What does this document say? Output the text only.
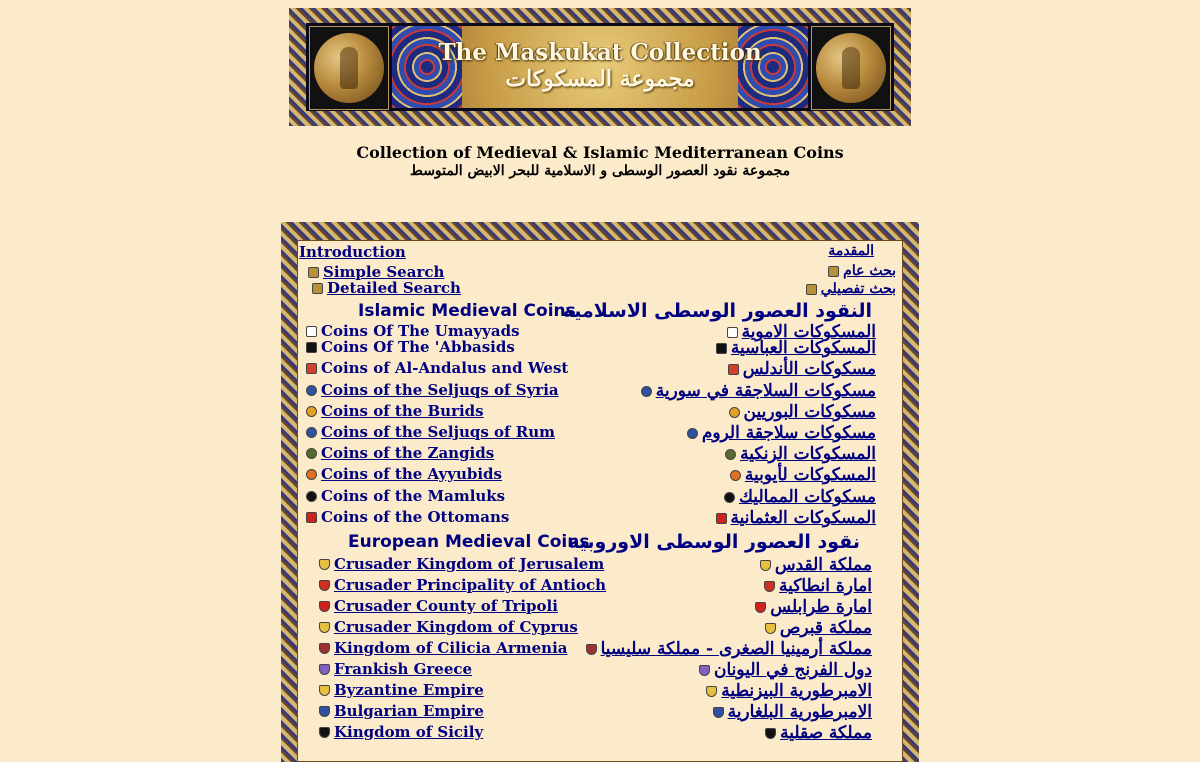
The Maskukat Collection
مجموعة المسكوكات
Collection of Medieval & Islamic Mediterranean Coins
مجموعة نقود العصور الوسطى و الاسلامية للبحر الابيض المتوسط
Introduction	المقدمة
Simple Search	بحث عام
Detailed Search	بحث تفصيلي
Islamic Medieval Coins
النقود العصور الوسطى الاسلامية
European Medieval Coins
نقود العصور الوسطى الاوروبية
Coins Of The Umayyads	المسكوكات الاموية
Coins Of The 'Abbasids	المسكوكات العباسية
Coins of Al-Andalus and West	مسكوكات الأندلس
Coins of the Seljuqs of Syria	مسكوكات السلاجقة في سورية
Coins of the Burids	مسكوكات البوريين
Coins of the Seljuqs of Rum	مسكوكات سلاجقة الروم
Coins of the Zangids	المسكوكات الزنكية
Coins of the Ayyubids	المسكوكات لأيوبية
Coins of the Mamluks	مسكوكات المماليك
Coins of the Ottomans	المسكوكات العثمانية
Crusader Kingdom of Jerusalem	مملكة القدس
Crusader Principality of Antioch	امارة انطاكية
Crusader County of Tripoli	امارة طرابلس
Crusader Kingdom of Cyprus	مملكة قبرص
Kingdom of Cilicia Armenia مملكة أرمينيا الصغرى - مملكة سليسيا
Frankish Greece	دول الفرنج في اليونان
Byzantine Empire	الامبرطورية البيزنطية
Bulgarian Empire	الامبرطورية البلغارية
Kingdom of Sicily	مملكة صقلية
